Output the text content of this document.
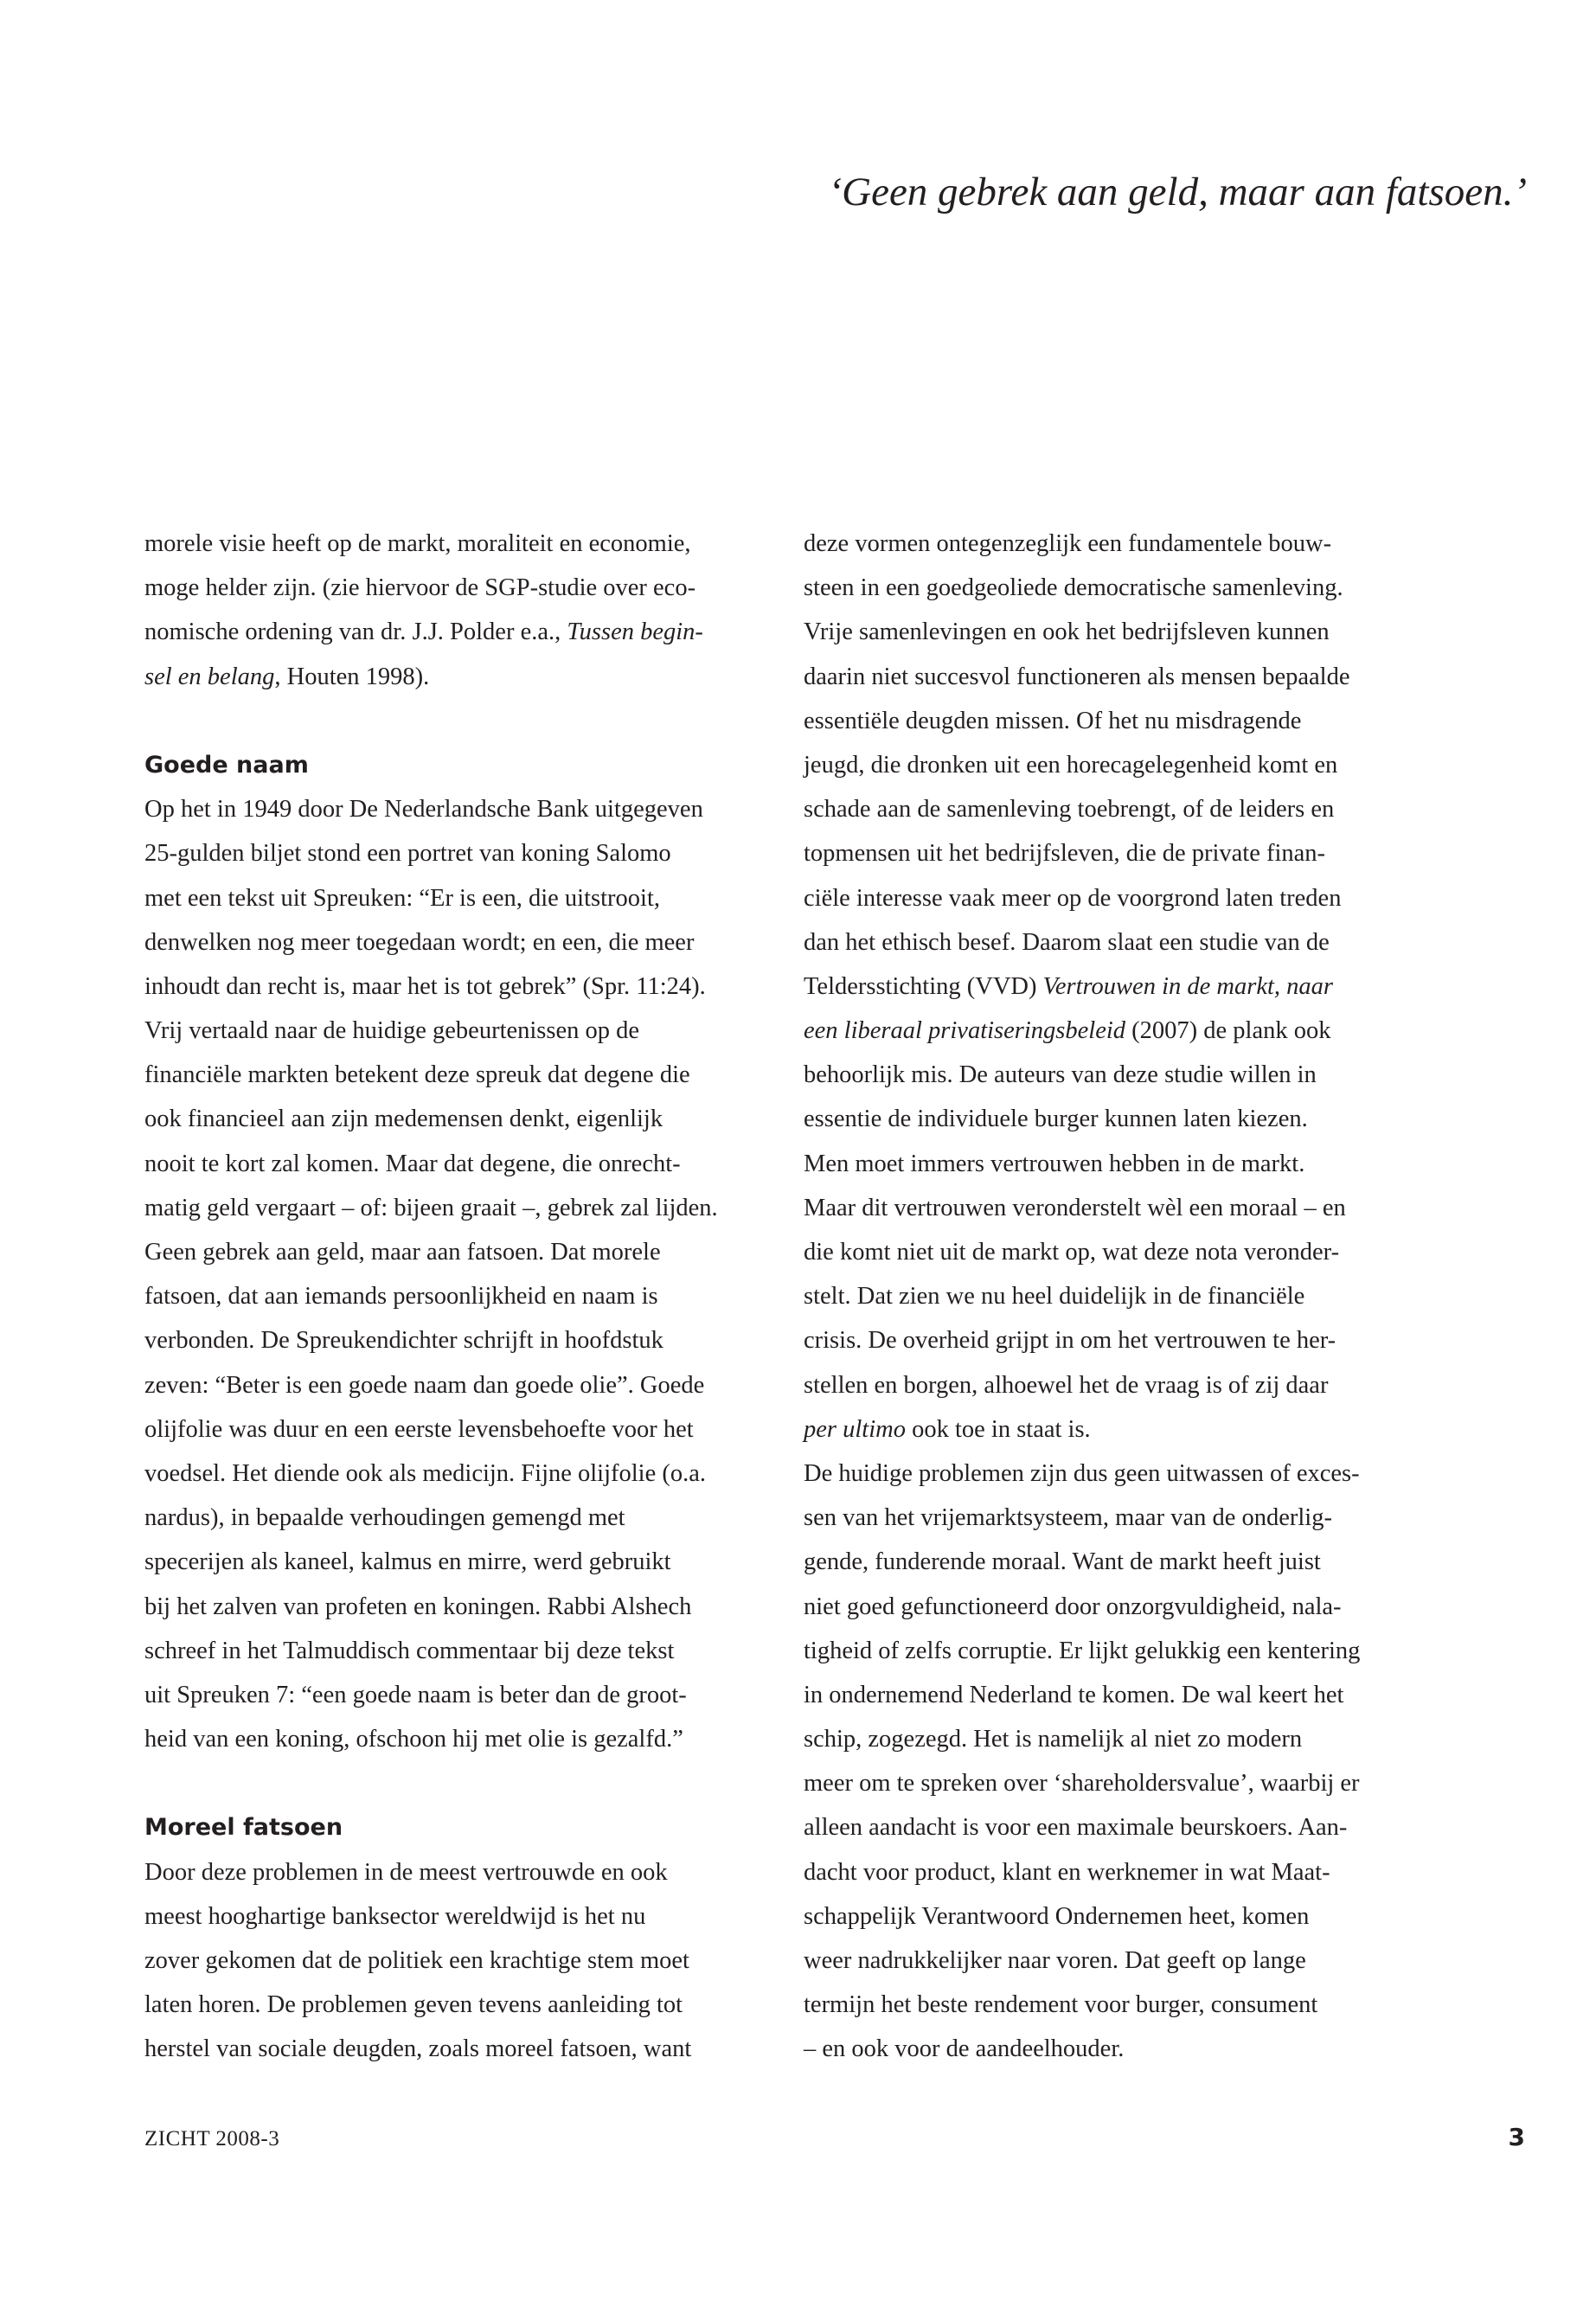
‘Geen gebrek aan geld, maar aan fatsoen.’
morele visie heeft op de markt, moraliteit en economie,
moge helder zijn. (zie hiervoor de SGP-studie over eco-
nomische ordening van dr. J.J. Polder e.a., Tussen begin-
sel en belang, Houten 1998).
Goede naam
Op het in 1949 door De Nederlandsche Bank uitgegeven
25-gulden biljet stond een portret van koning Salomo
met een tekst uit Spreuken: “Er is een, die uitstrooit,
denwelken nog meer toegedaan wordt; en een, die meer
inhoudt dan recht is, maar het is tot gebrek” (Spr. 11:24).
Vrij vertaald naar de huidige gebeurtenissen op de
financiële markten betekent deze spreuk dat degene die
ook financieel aan zijn medemensen denkt, eigenlijk
nooit te kort zal komen. Maar dat degene, die onrecht-
matig geld vergaart – of: bijeen graait –, gebrek zal lijden.
Geen gebrek aan geld, maar aan fatsoen. Dat morele
fatsoen, dat aan iemands persoonlijkheid en naam is
verbonden. De Spreukendichter schrijft in hoofdstuk
zeven: “Beter is een goede naam dan goede olie”. Goede
olijfolie was duur en een eerste levensbehoefte voor het
voedsel. Het diende ook als medicijn. Fijne olijfolie (o.a.
nardus), in bepaalde verhoudingen gemengd met
specerijen als kaneel, kalmus en mirre, werd gebruikt
bij het zalven van profeten en koningen. Rabbi Alshech
schreef in het Talmuddisch commentaar bij deze tekst
uit Spreuken 7: “een goede naam is beter dan de groot-
heid van een koning, ofschoon hij met olie is gezalfd.”
Moreel fatsoen
Door deze problemen in de meest vertrouwde en ook
meest hooghartige banksector wereldwijd is het nu
zover gekomen dat de politiek een krachtige stem moet
laten horen. De problemen geven tevens aanleiding tot
herstel van sociale deugden, zoals moreel fatsoen, want
deze vormen ontegenzeglijk een fundamentele bouw-
steen in een goedgeoliede democratische samenleving.
Vrije samenlevingen en ook het bedrijfsleven kunnen
daarin niet succesvol functioneren als mensen bepaalde
essentiële deugden missen. Of het nu misdragende
jeugd, die dronken uit een horecagelegenheid komt en
schade aan de samenleving toebrengt, of de leiders en
topmensen uit het bedrijfsleven, die de private finan-
ciële interesse vaak meer op de voorgrond laten treden
dan het ethisch besef. Daarom slaat een studie van de
Teldersstichting (VVD) Vertrouwen in de markt, naar
een liberaal privatiseringsbeleid (2007) de plank ook
behoorlijk mis. De auteurs van deze studie willen in
essentie de individuele burger kunnen laten kiezen.
Men moet immers vertrouwen hebben in de markt.
Maar dit vertrouwen veronderstelt wèl een moraal – en
die komt niet uit de markt op, wat deze nota veronder-
stelt. Dat zien we nu heel duidelijk in de financiële
crisis. De overheid grijpt in om het vertrouwen te her-
stellen en borgen, alhoewel het de vraag is of zij daar
per ultimo ook toe in staat is.
De huidige problemen zijn dus geen uitwassen of exces-
sen van het vrijemarktsysteem, maar van de onderlig-
gende, funderende moraal. Want de markt heeft juist
niet goed gefunctioneerd door onzorgvuldigheid, nala-
tigheid of zelfs corruptie. Er lijkt gelukkig een kentering
in ondernemend Nederland te komen. De wal keert het
schip, zogezegd. Het is namelijk al niet zo modern
meer om te spreken over ‘shareholdersvalue’, waarbij er
alleen aandacht is voor een maximale beurskoers. Aan-
dacht voor product, klant en werknemer in wat Maat-
schappelijk Verantwoord Ondernemen heet, komen
weer nadrukkelijker naar voren. Dat geeft op lange
termijn het beste rendement voor burger, consument
– en ook voor de aandeelhouder.
ZICHT 2008-3	3
